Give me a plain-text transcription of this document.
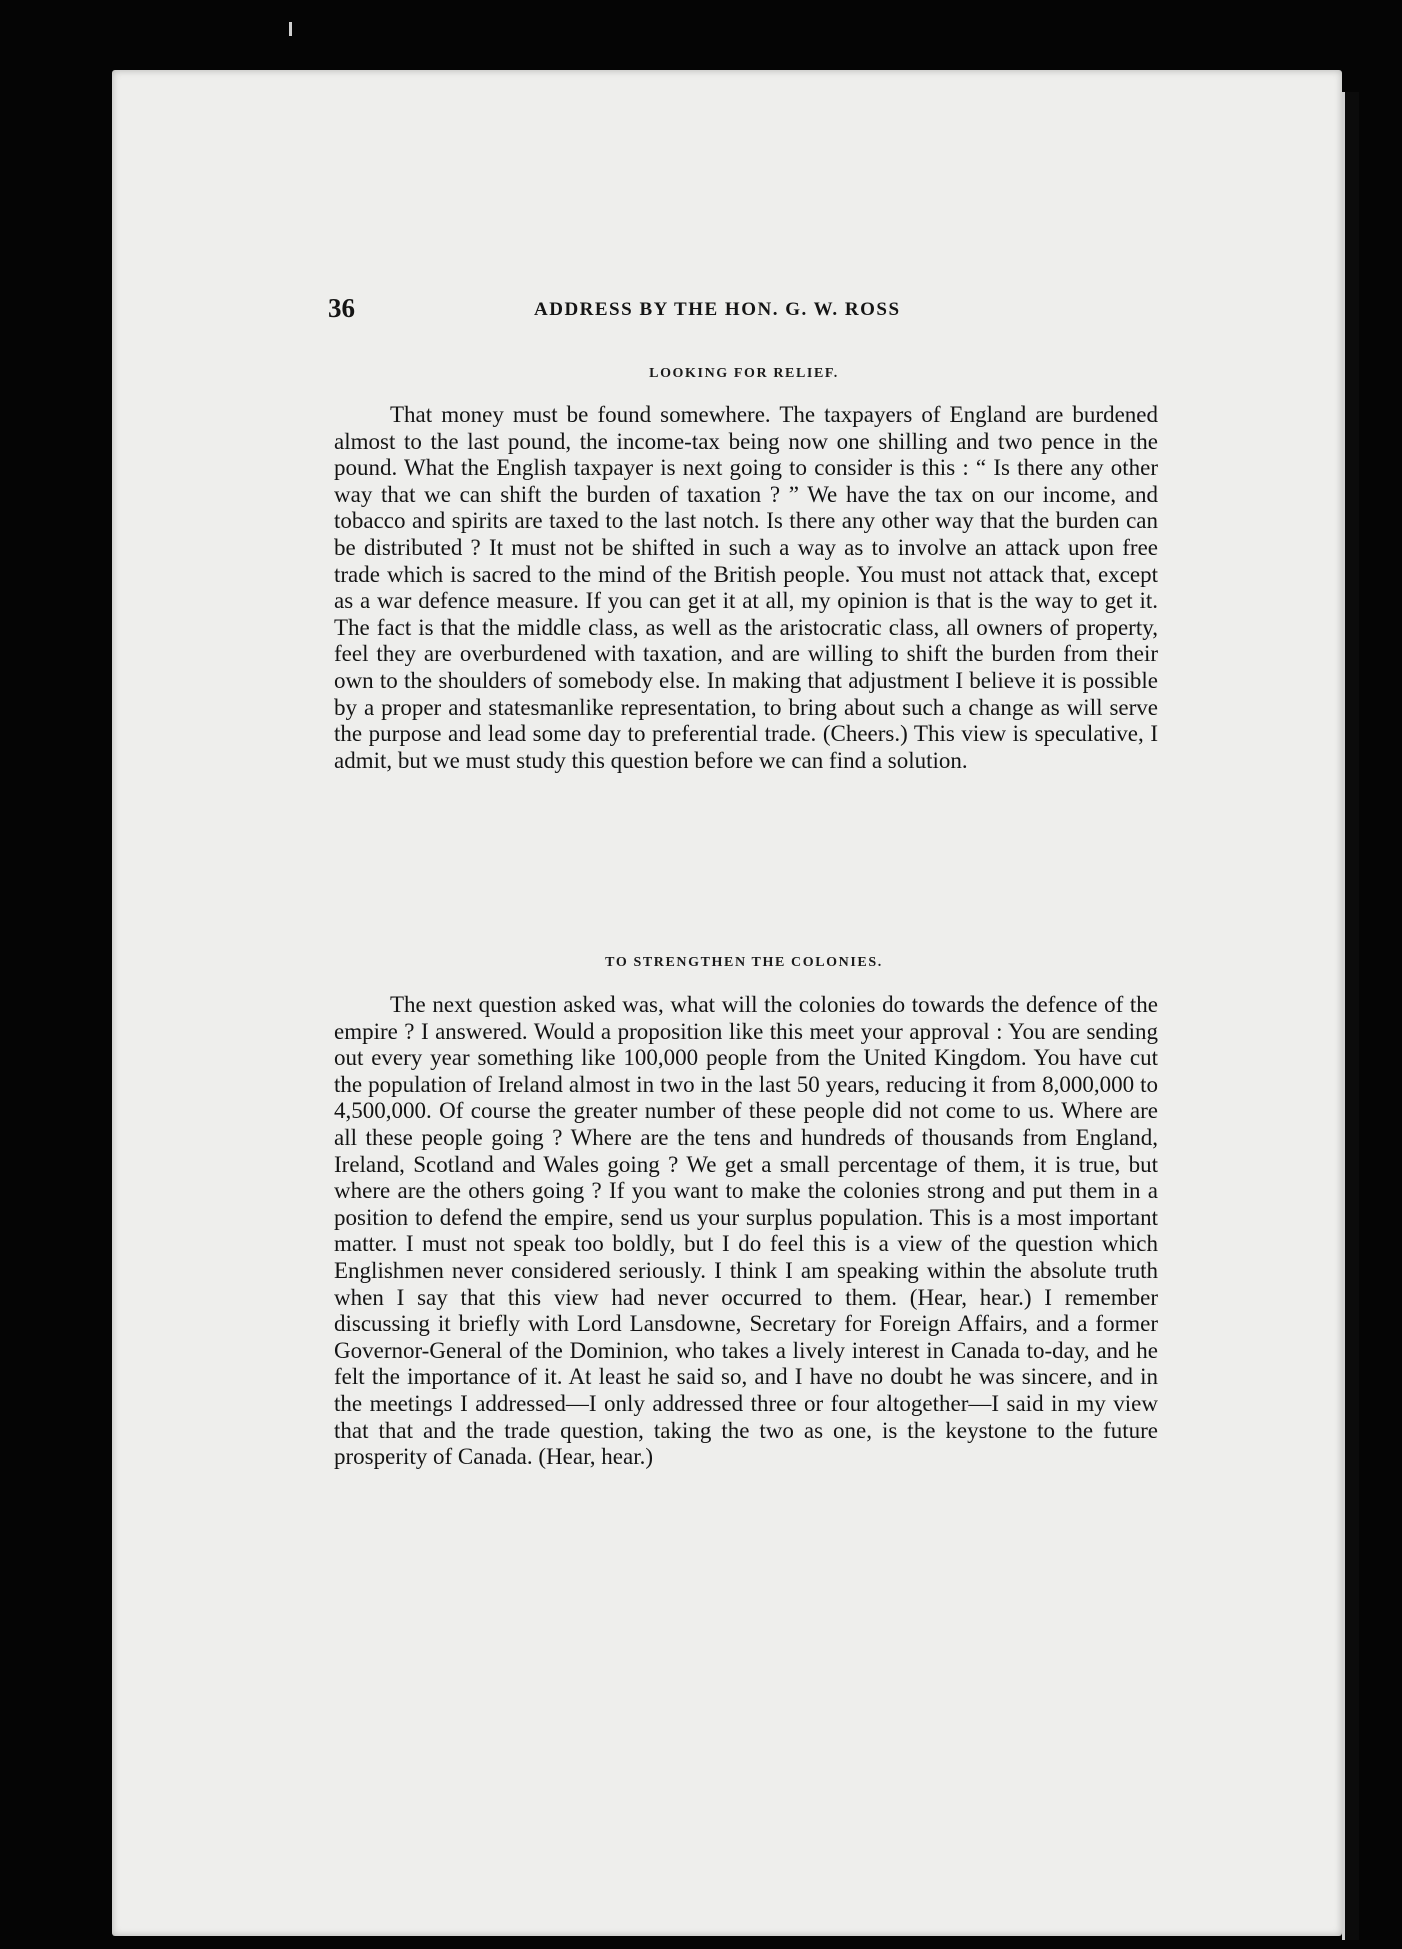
36	ADDRESS BY THE HON. G. W. ROSS
LOOKING FOR RELIEF.

That money must be found somewhere. The taxpayers of England are burdened almost to the last pound, the income-tax being now one shilling and two pence in the pound. What the English taxpayer is next going to consider is this : “ Is there any other way that we can shift the burden of taxation ? ” We have the tax on our income, and tobacco and spirits are taxed to the last notch. Is there any other way that the burden can be distributed ? It must not be shifted in such a way as to involve an attack upon free trade which is sacred to the mind of the British people. You must not attack that, except as a war defence measure. If you can get it at all, my opinion is that is the way to get it. The fact is that the middle class, as well as the aristocratic class, all owners of property, feel they are overburdened with taxation, and are willing to shift the burden from their own to the shoulders of somebody else. In making that adjustment I believe it is possible by a proper and statesmanlike representation, to bring about such a change as will serve the purpose and lead some day to preferential trade. (Cheers.) This view is speculative, I admit, but we must study this question before we can find a solution.

TO STRENGTHEN THE COLONIES.

The next question asked was, what will the colonies do towards the defence of the empire ? I answered. Would a proposition like this meet your approval : You are sending out every year something like 100,000 people from the United Kingdom. You have cut the population of Ireland almost in two in the last 50 years, reducing it from 8,000,000 to 4,500,000. Of course the greater number of these people did not come to us. Where are all these people going ? Where are the tens and hundreds of thousands from England, Ireland, Scotland and Wales going ? We get a small percentage of them, it is true, but where are the others going ? If you want to make the colonies strong and put them in a position to defend the empire, send us your surplus population. This is a most important matter. I must not speak too boldly, but I do feel this is a view of the question which Englishmen never considered seriously. I think I am speaking within the absolute truth when I say that this view had never occurred to them. (Hear, hear.) I remember discussing it briefly with Lord Lansdowne, Secretary for Foreign Affairs, and a former Governor-General of the Dominion, who takes a lively interest in Canada to-day, and he felt the importance of it. At least he said so, and I have no doubt he was sincere, and in the meetings I addressed—I only addressed three or four altogether—I said in my view that that and the trade question, taking the two as one, is the keystone to the future prosperity of Canada. (Hear, hear.)
